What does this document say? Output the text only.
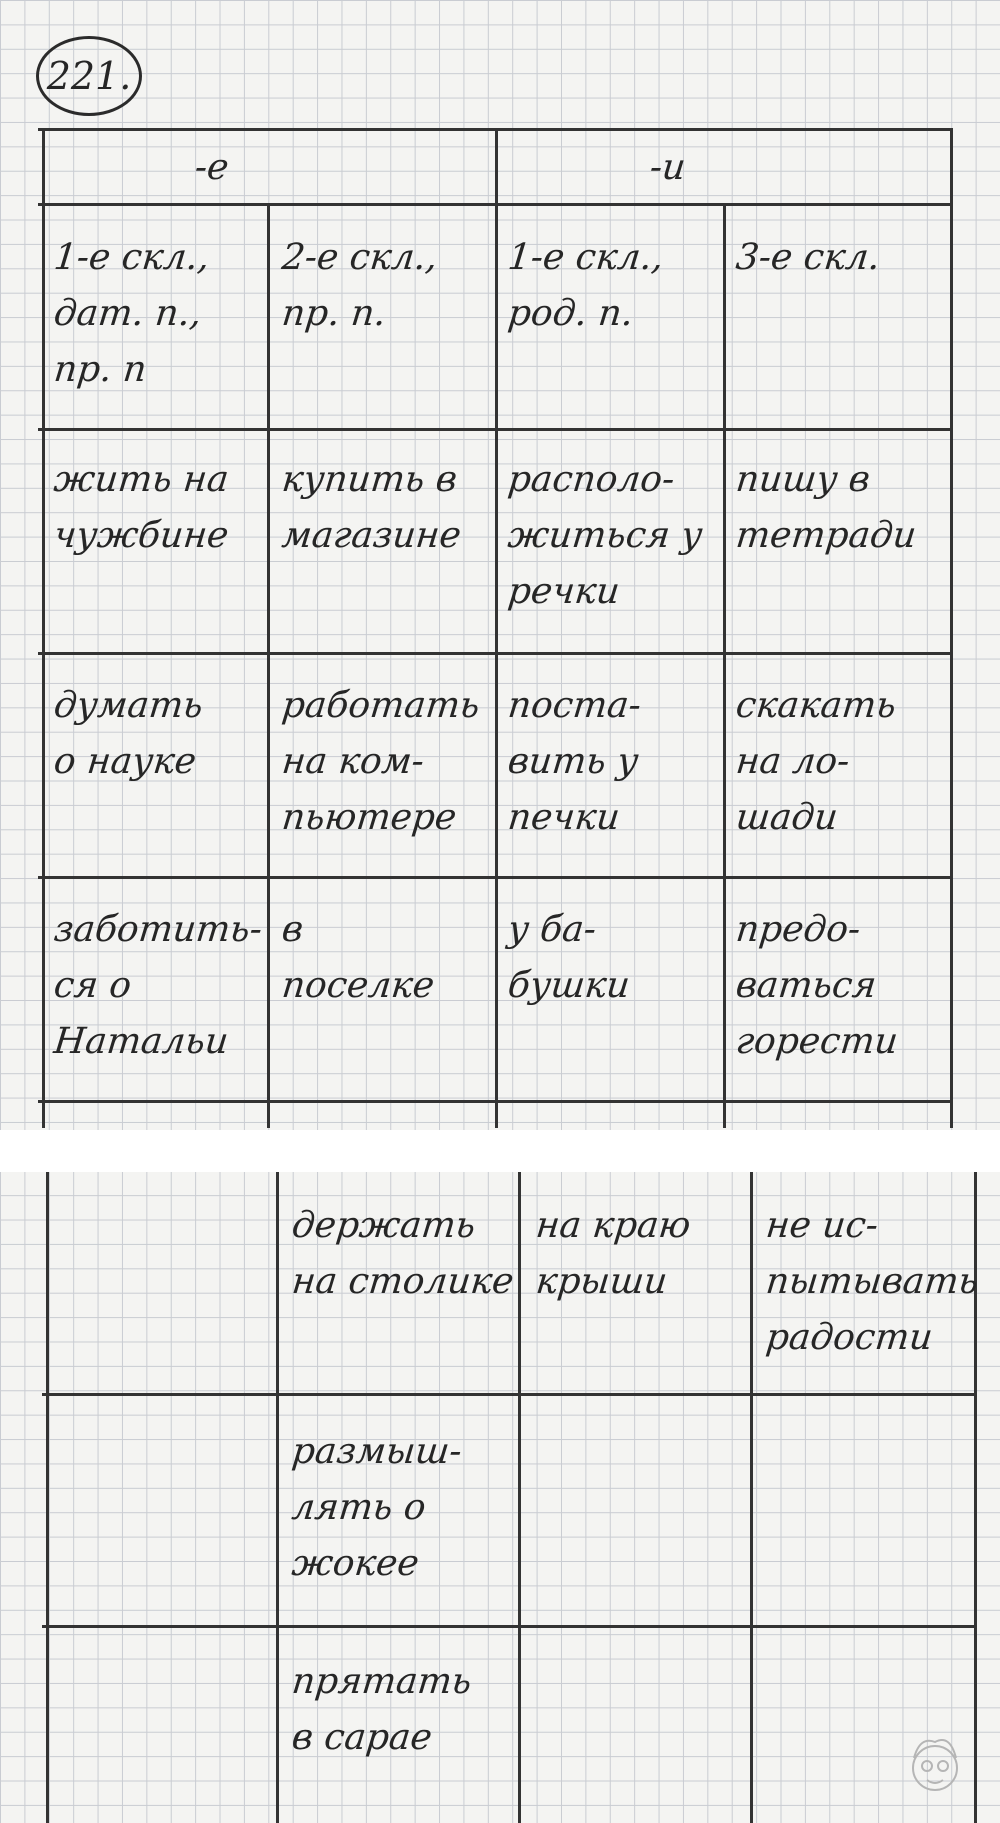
221.
-е	-и
1-е скл.,
дат. п.,
пр. п
2-е скл.,
пр. п.
1-е скл.,
род. п.
3-е скл.
жить на
чужбине
купить в
магазине
располо-
житься у
речки
пишу в
тетради
думать
о науке
работать
на ком-
пьютере
поста-
вить у
печки
скакать
на ло-
шади
заботить-
ся о
Натальи
в
поселке
у ба-
бушки
предо-
ваться
горести
держать
на столике
на краю
крыши
не ис-
пытывать
радости
размыш-
лять о
жокее
прятать
в сарае
